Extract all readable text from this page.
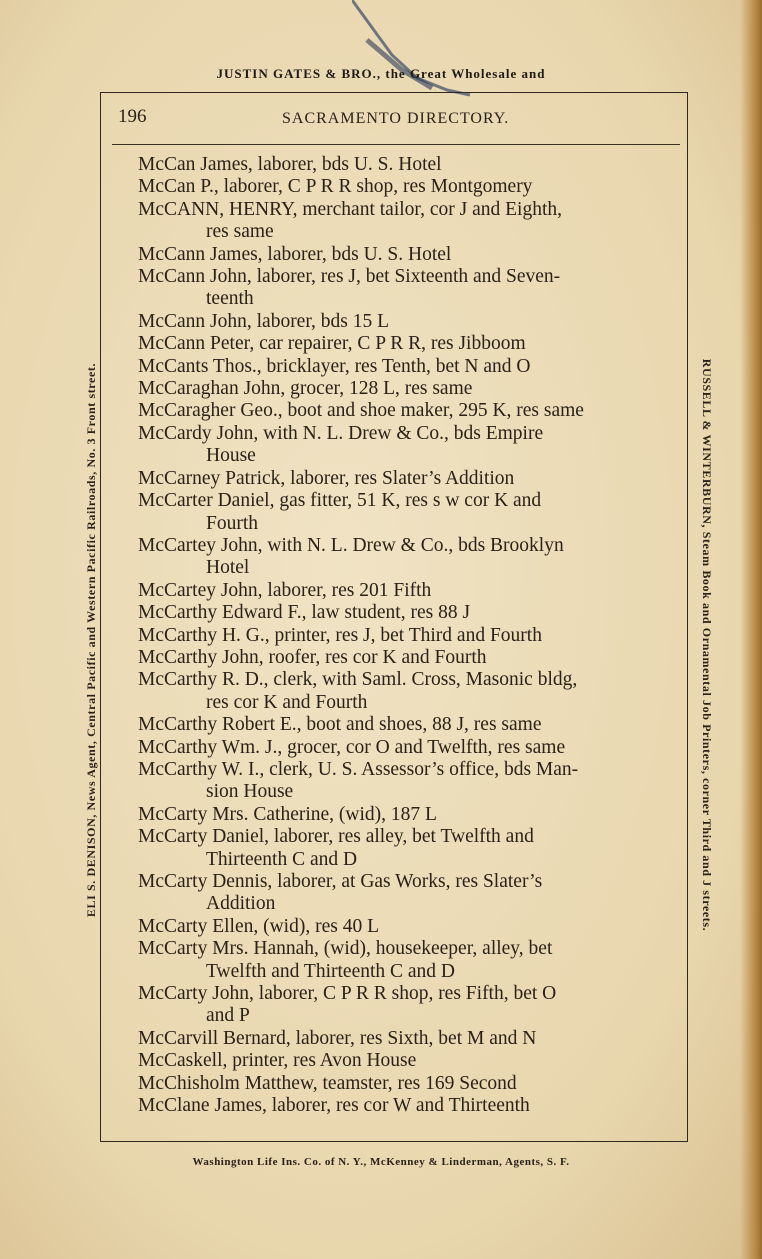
JUSTIN GATES & BRO., the Great Wholesale and
196	SACRAMENTO DIRECTORY.

McCan James, laborer, bds U. S. Hotel

McCan P., laborer, C P R R shop, res Montgomery

McCANN, HENRY, merchant tailor, cor J and Eighth,
res same

McCann James, laborer, bds U. S. Hotel

McCann John, laborer, res J, bet Sixteenth and Seven-
teenth

McCann John, laborer, bds 15 L

McCann Peter, car repairer, C P R R, res Jibboom

McCants Thos., bricklayer, res Tenth, bet N and O

McCaraghan John, grocer, 128 L, res same

McCaragher Geo., boot and shoe maker, 295 K, res same

McCardy John, with N. L. Drew & Co., bds Empire
House

McCarney Patrick, laborer, res Slater’s Addition

McCarter Daniel, gas fitter, 51 K, res s w cor K and
Fourth

McCartey John, with N. L. Drew & Co., bds Brooklyn
Hotel

McCartey John, laborer, res 201 Fifth

McCarthy Edward F., law student, res 88 J

McCarthy H. G., printer, res J, bet Third and Fourth

McCarthy John, roofer, res cor K and Fourth

McCarthy R. D., clerk, with Saml. Cross, Masonic bldg,
res cor K and Fourth

McCarthy Robert E., boot and shoes, 88 J, res same

McCarthy Wm. J., grocer, cor O and Twelfth, res same

McCarthy W. I., clerk, U. S. Assessor’s office, bds Man-
sion House

McCarty Mrs. Catherine, (wid), 187 L

McCarty Daniel, laborer, res alley, bet Twelfth and
Thirteenth C and D

McCarty Dennis, laborer, at Gas Works, res Slater’s
Addition

McCarty Ellen, (wid), res 40 L

McCarty Mrs. Hannah, (wid), housekeeper, alley, bet
Twelfth and Thirteenth C and D

McCarty John, laborer, C P R R shop, res Fifth, bet O
and P

McCarvill Bernard, laborer, res Sixth, bet M and N

McCaskell, printer, res Avon House

McChisholm Matthew, teamster, res 169 Second

McClane James, laborer, res cor W and Thirteenth

Washington Life Ins. Co. of N. Y., McKenney & Linderman, Agents, S. F.
ELI S. DENISON, News Agent, Central Pacific and Western Pacific Railroads, No. 3 Front street.	RUSSELL & WINTERBURN, Steam Book and Ornamental Job Printers, corner Third and J streets.
